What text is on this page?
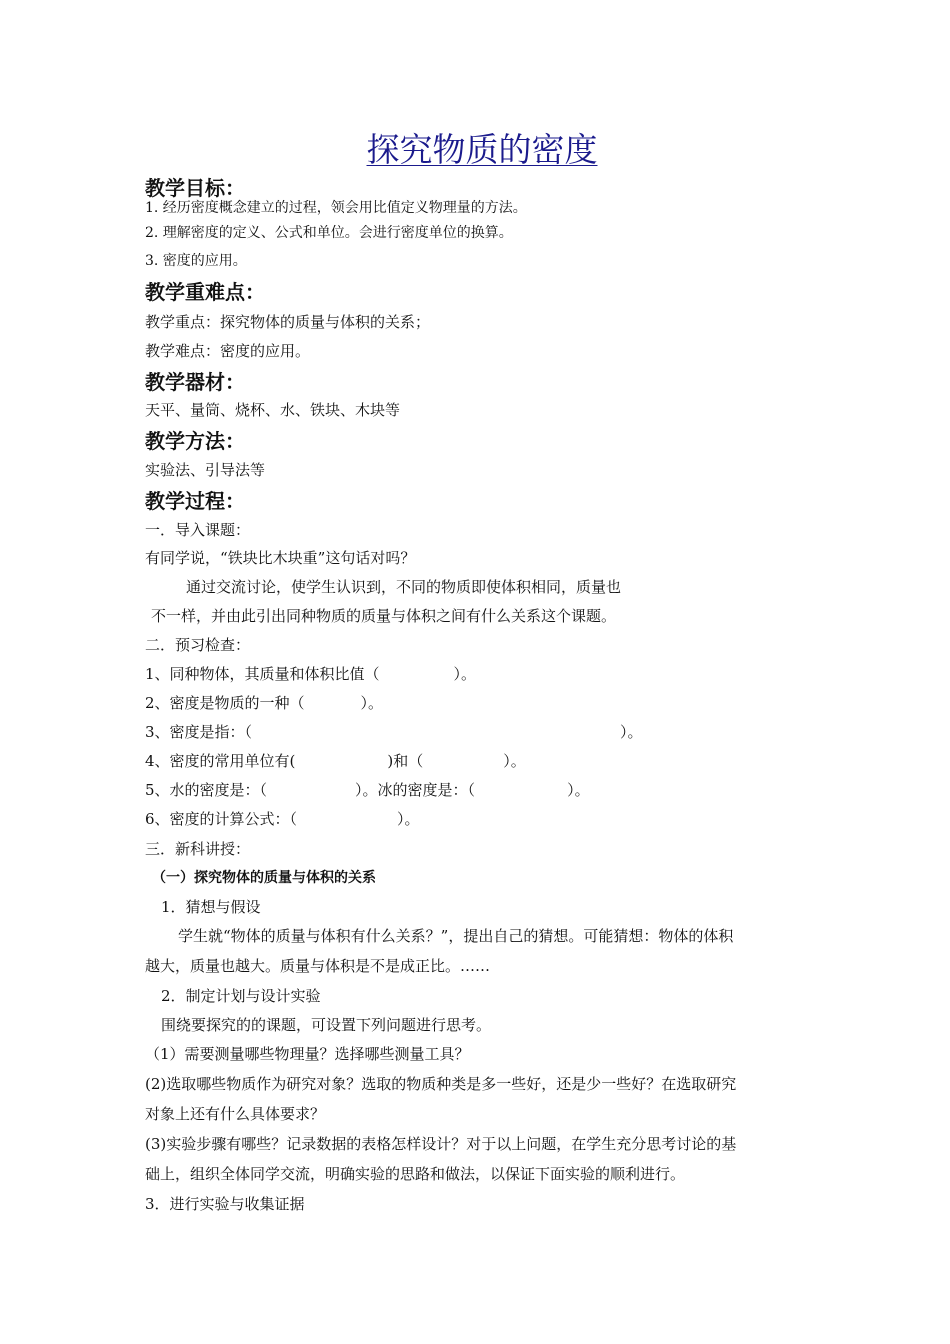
探究物质的密度
教学目标：
1. 经历密度概念建立的过程，领会用比值定义物理量的方法。
2. 理解密度的定义、公式和单位。会进行密度单位的换算。
3. 密度的应用。
教学重难点：
教学重点：探究物体的质量与体积的关系；
教学难点：密度的应用。
教学器材：
天平、量筒、烧杯、水、铁块、木块等
教学方法：
实验法、引导法等
教学过程：
一．导入课题：
有同学说，“铁块比木块重”这句话对吗？
通过交流讨论，使学生认识到，不同的物质即使体积相同，质量也
不一样，并由此引出同种物质的质量与体积之间有什么关系这个课题。
二．预习检查：
1、同种物体，其质量和体积比值（	）。
2、密度是物质的一种（	）。
3、密度是指：（	）。
4、密度的常用单位有(	)和（	）。
5、水的密度是：（	）。冰的密度是：（	）。
6、密度的计算公式：（	）。
三．新科讲授：
（一）探究物体的质量与体积的关系
1．猜想与假设
学生就“物体的质量与体积有什么关系？”，提出自己的猜想。可能猜想：物体的体积
越大，质量也越大。质量与体积是不是成正比。……
2．制定计划与设计实验
围绕要探究的的课题，可设置下列问题进行思考。
（1）需要测量哪些物理量？选择哪些测量工具？
(2)选取哪些物质作为研究对象？选取的物质种类是多一些好，还是少一些好？在选取研究
对象上还有什么具体要求？
(3)实验步骤有哪些？记录数据的表格怎样设计？对于以上问题，在学生充分思考讨论的基
础上，组织全体同学交流，明确实验的思路和做法，以保证下面实验的顺利进行。
3．进行实验与收集证据
